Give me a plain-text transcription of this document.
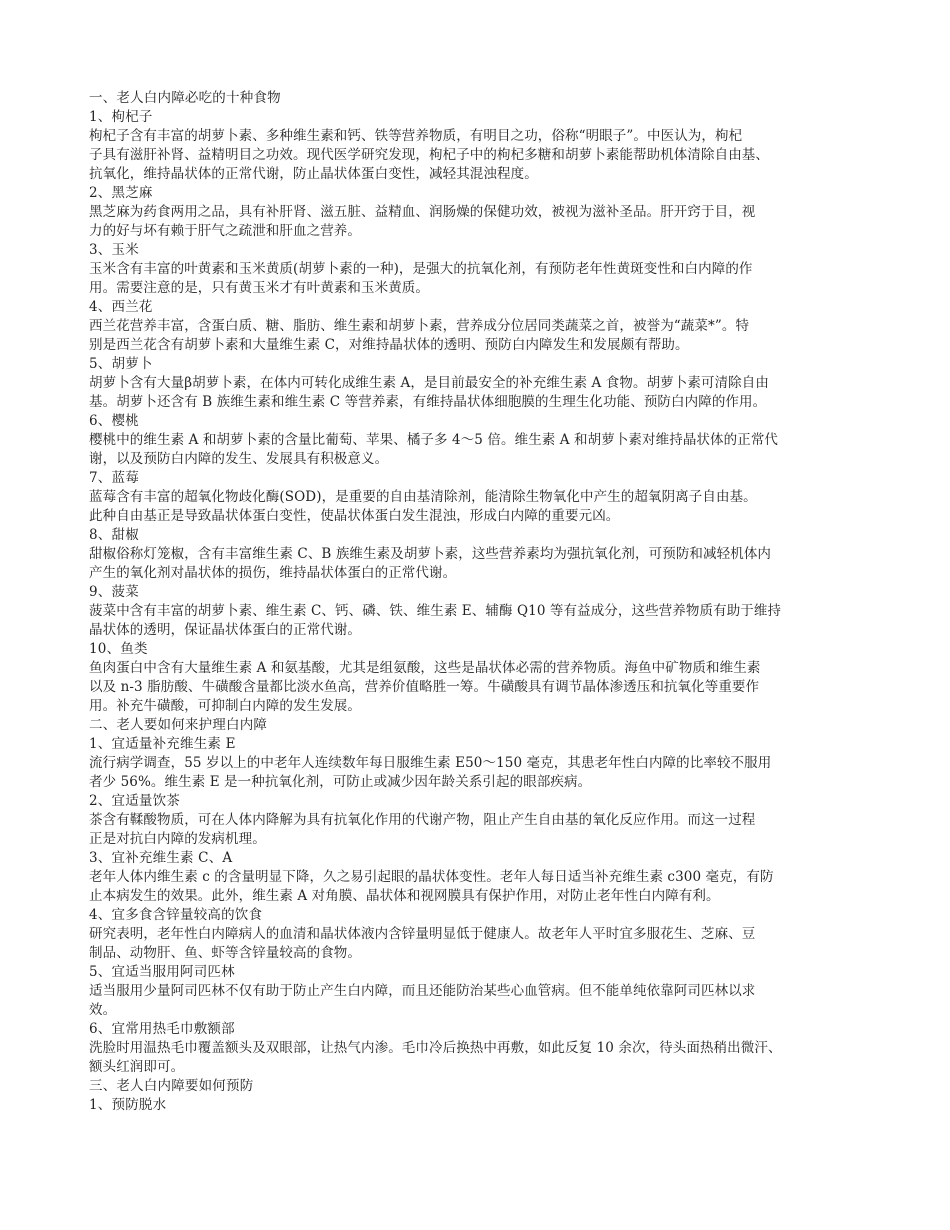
一、老人白内障必吃的十种食物
1、枸杞子
枸杞子含有丰富的胡萝卜素、多种维生素和钙、铁等营养物质，有明目之功，俗称“明眼子”。中医认为，枸杞
子具有滋肝补肾、益精明目之功效。现代医学研究发现，枸杞子中的枸杞多糖和胡萝卜素能帮助机体清除自由基、
抗氧化，维持晶状体的正常代谢，防止晶状体蛋白变性，减轻其混浊程度。
2、黑芝麻
黑芝麻为药食两用之品，具有补肝肾、滋五脏、益精血、润肠燥的保健功效，被视为滋补圣品。肝开窍于目，视
力的好与坏有赖于肝气之疏泄和肝血之营养。
3、玉米
玉米含有丰富的叶黄素和玉米黄质(胡萝卜素的一种)，是强大的抗氧化剂，有预防老年性黄斑变性和白内障的作
用。需要注意的是，只有黄玉米才有叶黄素和玉米黄质。
4、西兰花
西兰花营养丰富，含蛋白质、糖、脂肪、维生素和胡萝卜素，营养成分位居同类蔬菜之首，被誉为“蔬菜*”。特
别是西兰花含有胡萝卜素和大量维生素 C，对维持晶状体的透明、预防白内障发生和发展颇有帮助。
5、胡萝卜
胡萝卜含有大量β胡萝卜素，在体内可转化成维生素 A，是目前最安全的补充维生素 A 食物。胡萝卜素可清除自由
基。胡萝卜还含有 B 族维生素和维生素 C 等营养素，有维持晶状体细胞膜的生理生化功能、预防白内障的作用。
6、樱桃
樱桃中的维生素 A 和胡萝卜素的含量比葡萄、苹果、橘子多 4～5 倍。维生素 A 和胡萝卜素对维持晶状体的正常代
谢，以及预防白内障的发生、发展具有积极意义。
7、蓝莓
蓝莓含有丰富的超氧化物歧化酶(SOD)，是重要的自由基清除剂，能清除生物氧化中产生的超氧阴离子自由基。
此种自由基正是导致晶状体蛋白变性，使晶状体蛋白发生混浊，形成白内障的重要元凶。
8、甜椒
甜椒俗称灯笼椒，含有丰富维生素 C、B 族维生素及胡萝卜素，这些营养素均为强抗氧化剂，可预防和减轻机体内
产生的氧化剂对晶状体的损伤，维持晶状体蛋白的正常代谢。
9、菠菜
菠菜中含有丰富的胡萝卜素、维生素 C、钙、磷、铁、维生素 E、辅酶 Q10 等有益成分，这些营养物质有助于维持
晶状体的透明，保证晶状体蛋白的正常代谢。
10、鱼类
鱼肉蛋白中含有大量维生素 A 和氨基酸，尤其是组氨酸，这些是晶状体必需的营养物质。海鱼中矿物质和维生素
以及 n-3 脂肪酸、牛磺酸含量都比淡水鱼高，营养价值略胜一筹。牛磺酸具有调节晶体渗透压和抗氧化等重要作
用。补充牛磺酸，可抑制白内障的发生发展。
二、老人要如何来护理白内障
1、宜适量补充维生素 E
流行病学调查，55 岁以上的中老年人连续数年每日服维生素 E50～150 毫克，其患老年性白内障的比率较不服用
者少 56%。维生素 E 是一种抗氧化剂，可防止或减少因年龄关系引起的眼部疾病。
2、宜适量饮茶
茶含有鞣酸物质，可在人体内降解为具有抗氧化作用的代谢产物，阻止产生自由基的氧化反应作用。而这一过程
正是对抗白内障的发病机理。
3、宜补充维生素 C、A
老年人体内维生素 c 的含量明显下降，久之易引起眼的晶状体变性。老年人每日适当补充维生素 c300 毫克，有防
止本病发生的效果。此外，维生素 A 对角膜、晶状体和视网膜具有保护作用，对防止老年性白内障有利。
4、宜多食含锌量较高的饮食
研究表明，老年性白内障病人的血清和晶状体液内含锌量明显低于健康人。故老年人平时宜多服花生、芝麻、豆
制品、动物肝、鱼、虾等含锌量较高的食物。
5、宜适当服用阿司匹林
适当服用少量阿司匹林不仅有助于防止产生白内障，而且还能防治某些心血管病。但不能单纯依靠阿司匹林以求
效。
6、宜常用热毛巾敷额部
洗脸时用温热毛巾覆盖额头及双眼部，让热气内渗。毛巾冷后换热中再敷，如此反复 10 余次，待头面热稍出微汗、
额头红润即可。
三、老人白内障要如何预防
1、预防脱水
